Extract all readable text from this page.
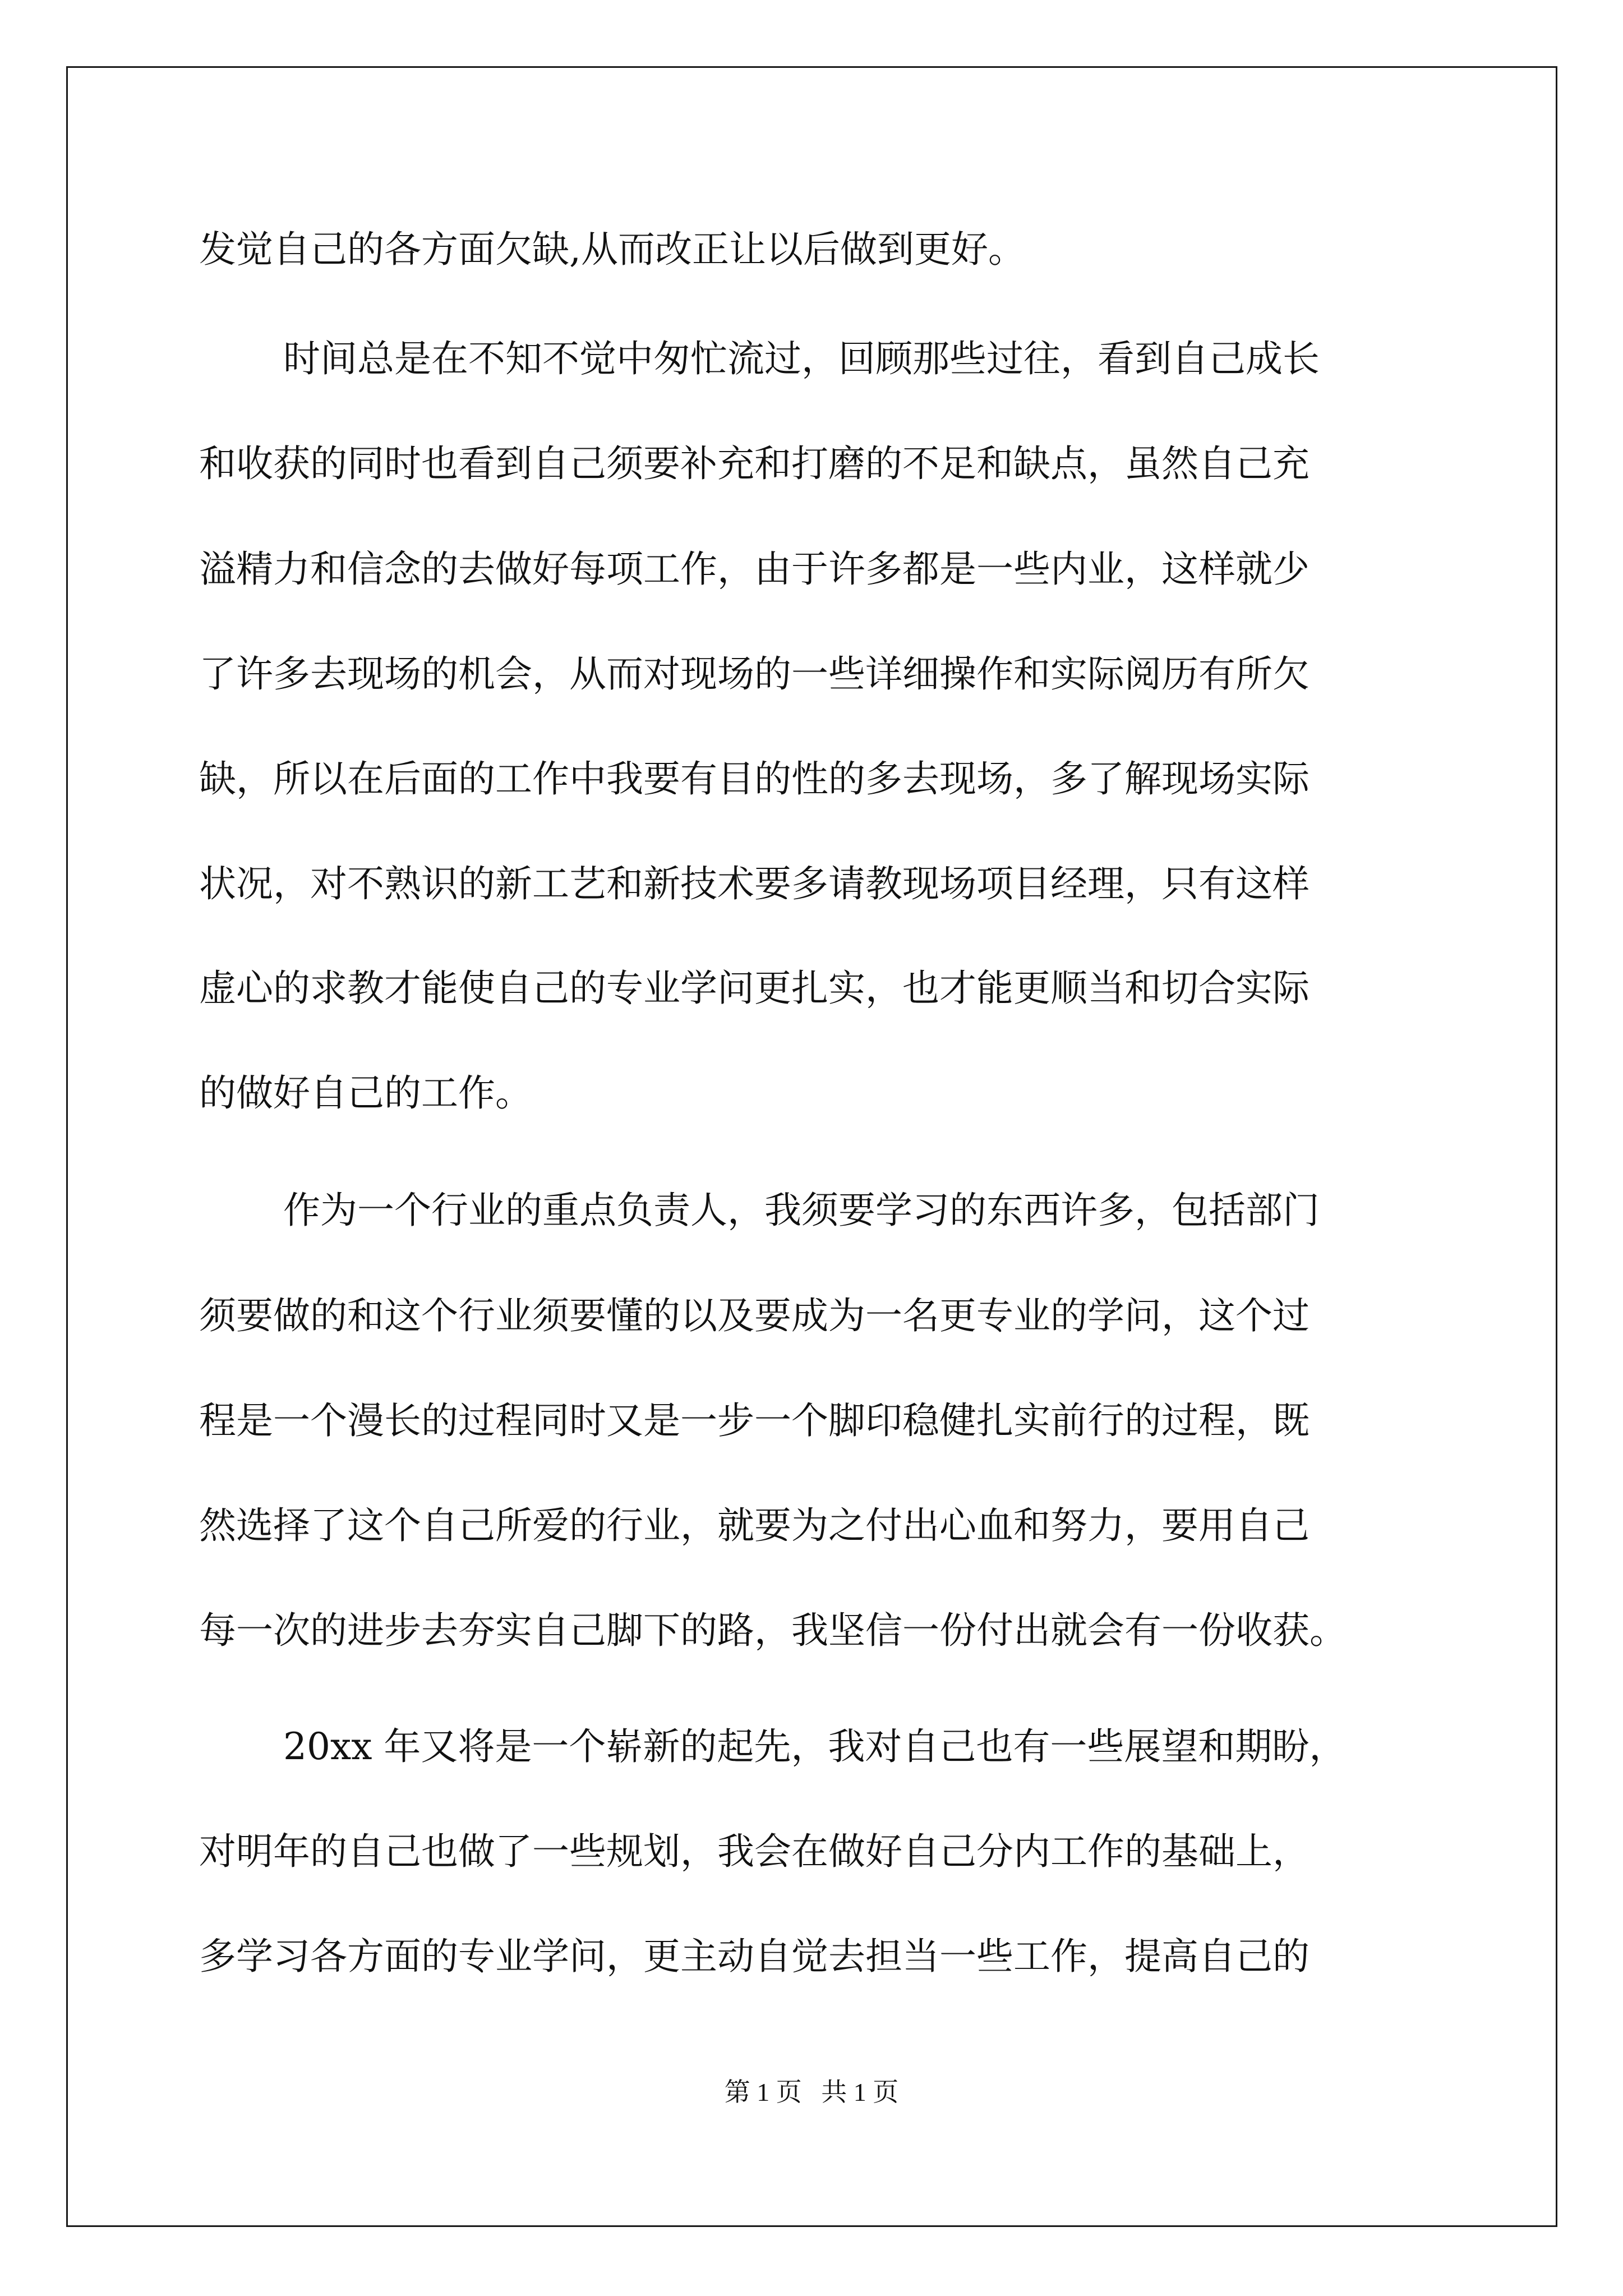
发觉自己的各方面欠缺,从而改正让以后做到更好。
时间总是在不知不觉中匆忙流过，回顾那些过往，看到自己成长
和收获的同时也看到自己须要补充和打磨的不足和缺点，虽然自己充
溢精力和信念的去做好每项工作，由于许多都是一些内业，这样就少
了许多去现场的机会，从而对现场的一些详细操作和实际阅历有所欠
缺，所以在后面的工作中我要有目的性的多去现场，多了解现场实际
状况，对不熟识的新工艺和新技术要多请教现场项目经理，只有这样
虚心的求教才能使自己的专业学问更扎实，也才能更顺当和切合实际
的做好自己的工作。
作为一个行业的重点负责人，我须要学习的东西许多，包括部门
须要做的和这个行业须要懂的以及要成为一名更专业的学问，这个过
程是一个漫长的过程同时又是一步一个脚印稳健扎实前行的过程，既
然选择了这个自己所爱的行业，就要为之付出心血和努力，要用自己
每一次的进步去夯实自己脚下的路，我坚信一份付出就会有一份收获。
20xx 年又将是一个崭新的起先，我对自己也有一些展望和期盼，
对明年的自己也做了一些规划，我会在做好自己分内工作的基础上，
多学习各方面的专业学问，更主动自觉去担当一些工作，提高自己的
第 1 页   共 1 页
